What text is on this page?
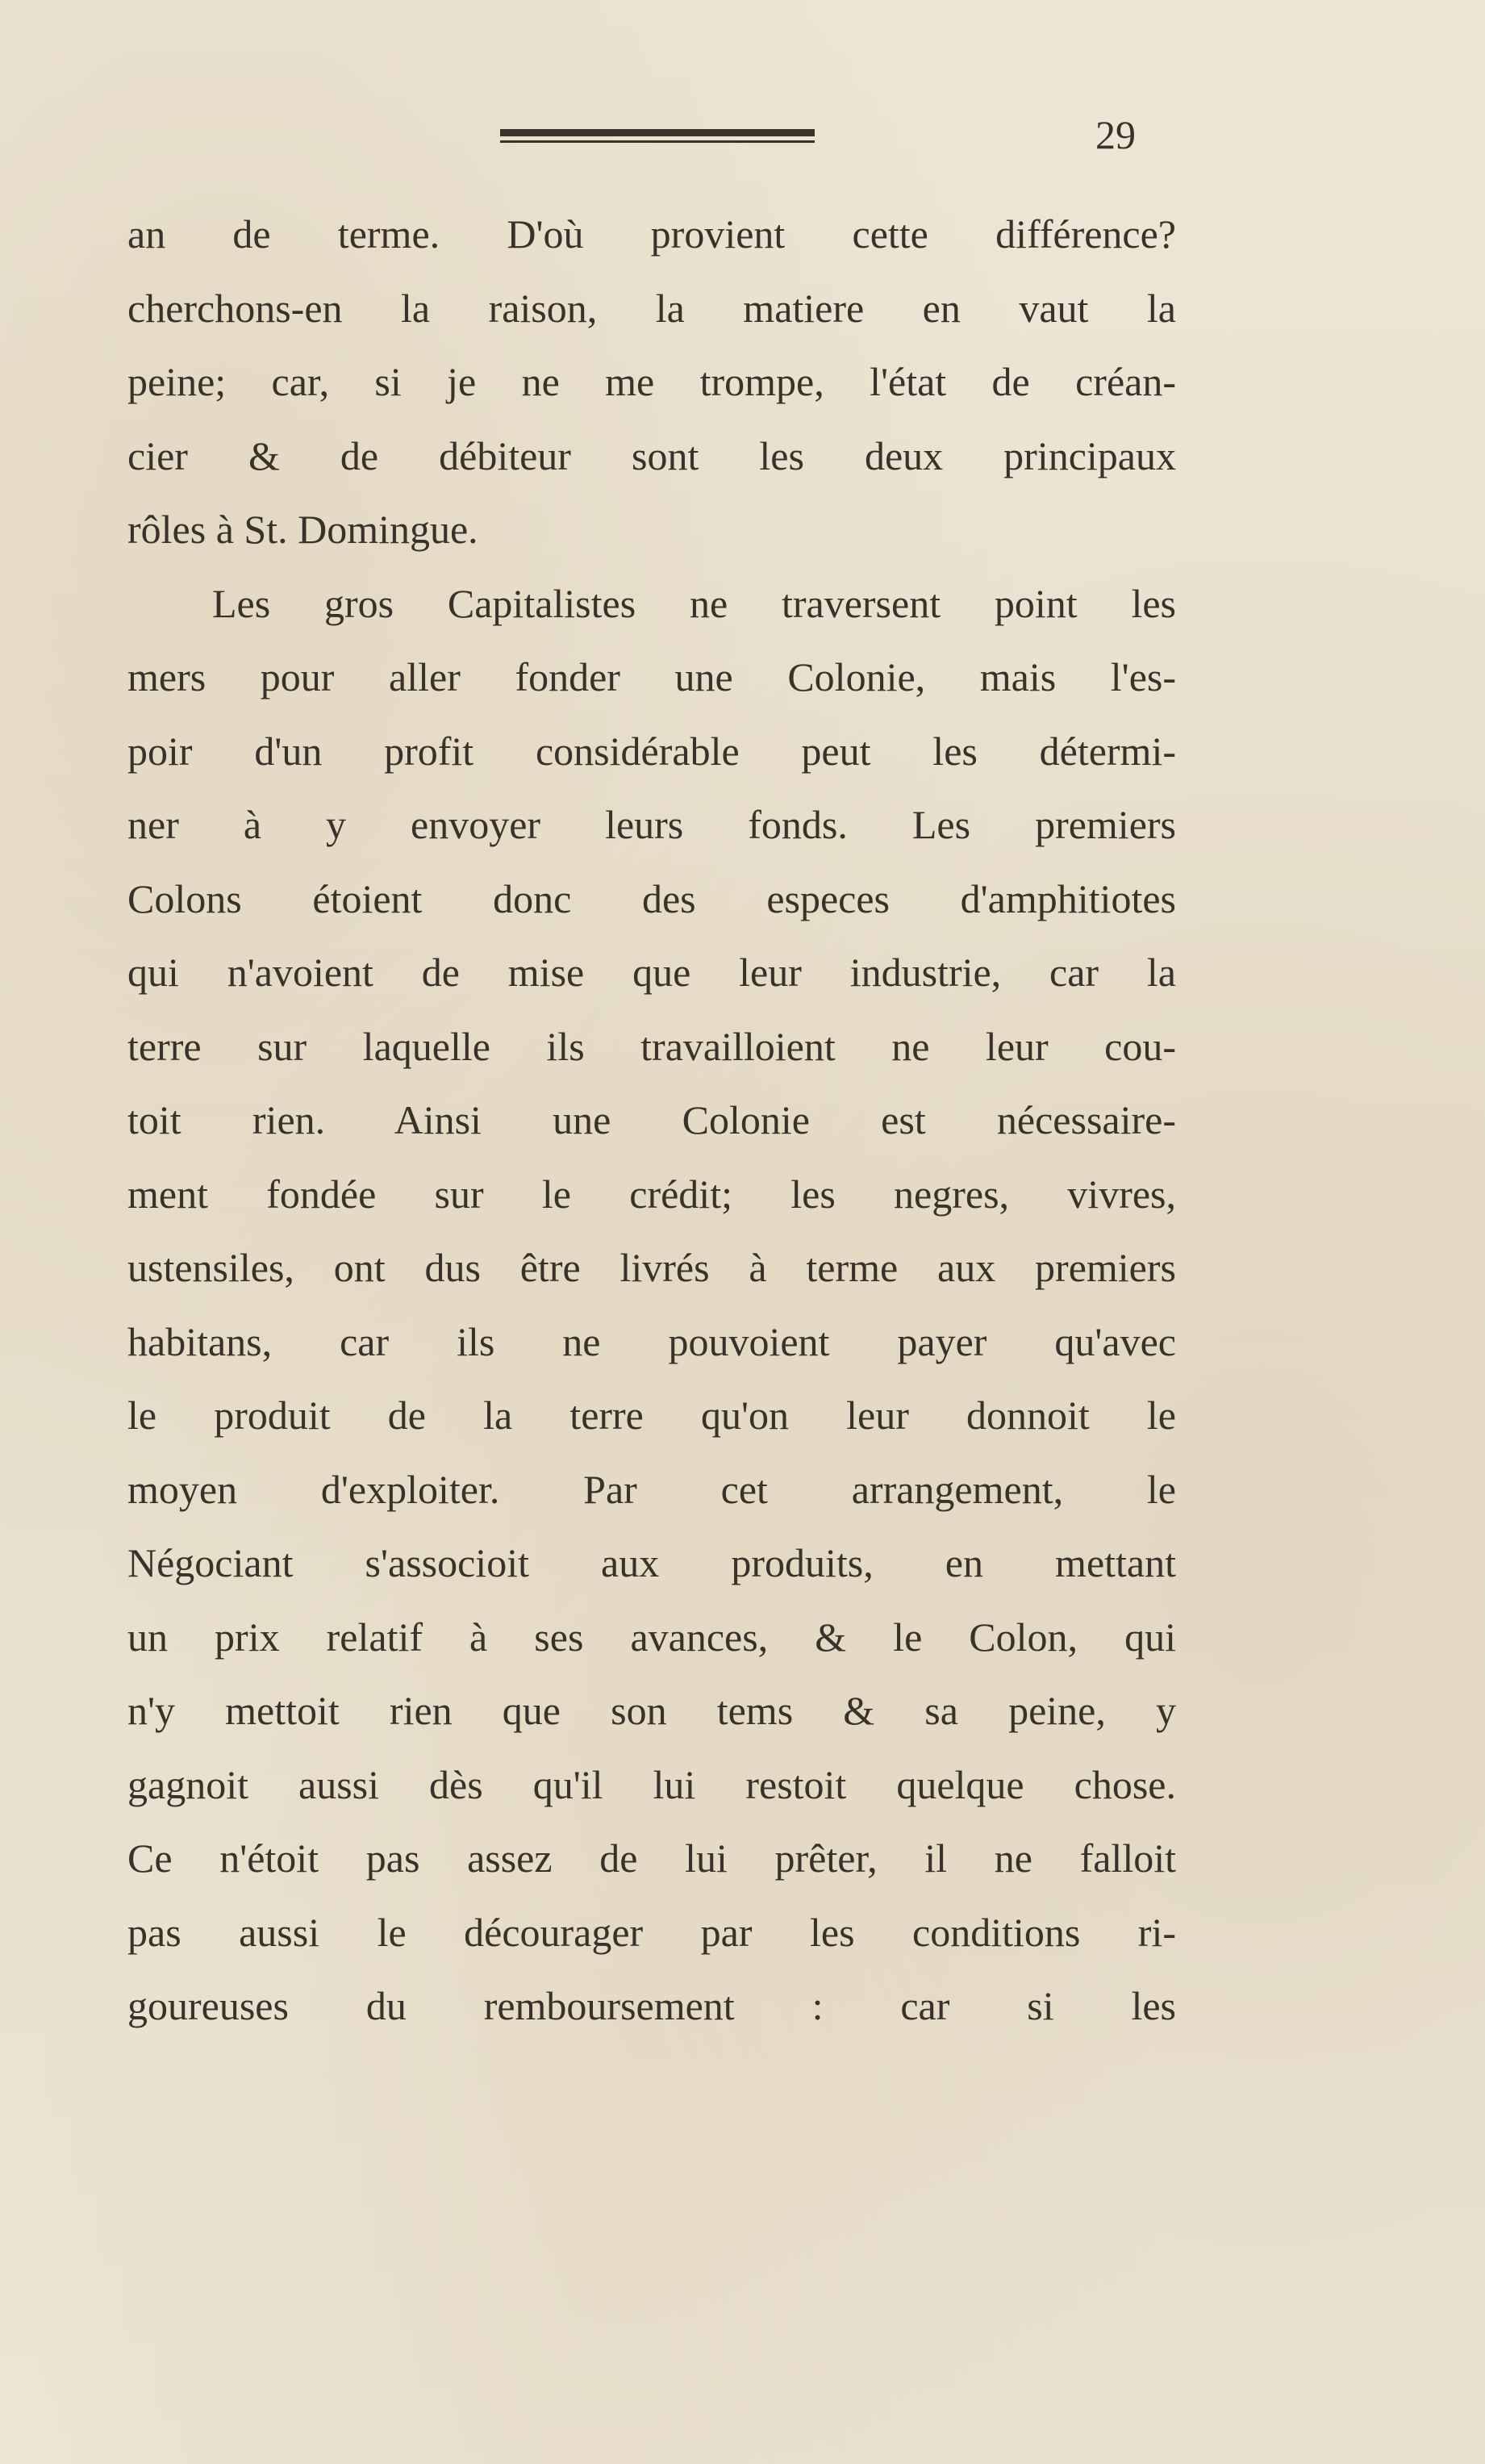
29
an de terme. D'où provient cette différence?
cherchons-en la raison, la matiere en vaut la
peine; car, si je ne me trompe, l'état de créan-
cier & de débiteur sont les deux principaux
rôles à St. Domingue.
Les gros Capitalistes ne traversent point les
mers pour aller fonder une Colonie, mais l'es-
poir d'un profit considérable peut les détermi-
ner à y envoyer leurs fonds. Les premiers
Colons étoient donc des especes d'amphitiotes
qui n'avoient de mise que leur industrie, car la
terre sur laquelle ils travailloient ne leur cou-
toit rien. Ainsi une Colonie est nécessaire-
ment fondée sur le crédit; les negres, vivres,
ustensiles, ont dus être livrés à terme aux premiers
habitans, car ils ne pouvoient payer qu'avec
le produit de la terre qu'on leur donnoit le
moyen d'exploiter. Par cet arrangement, le
Négociant s'associoit aux produits, en mettant
un prix relatif à ses avances, & le Colon, qui
n'y mettoit rien que son tems & sa peine, y
gagnoit aussi dès qu'il lui restoit quelque chose.
Ce n'étoit pas assez de lui prêter, il ne falloit
pas aussi le décourager par les conditions ri-
goureuses du remboursement : car si les
